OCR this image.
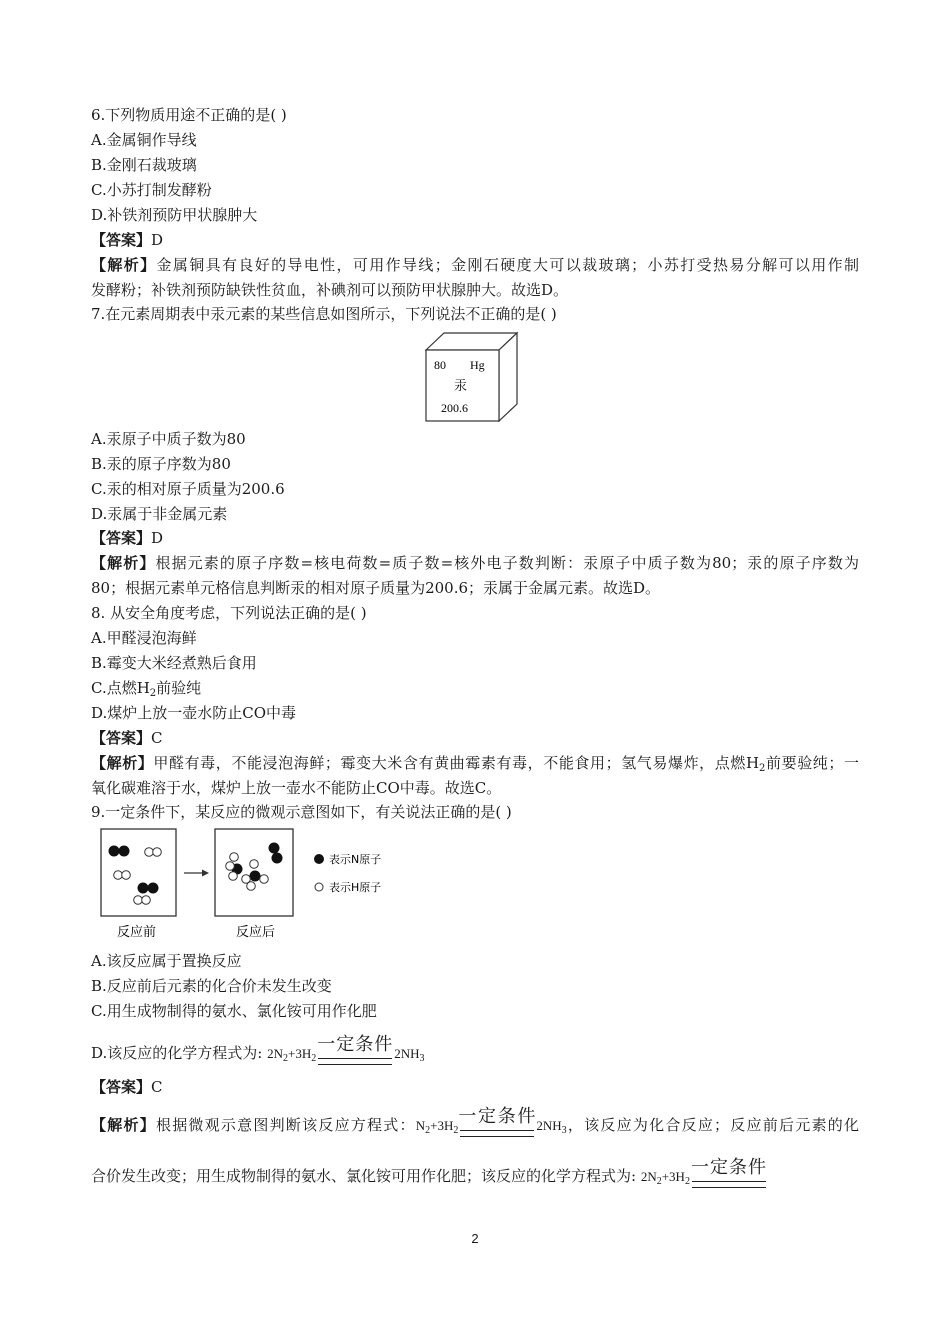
6.下列物质用途不正确的是( )
A.金属铜作导线
B.金刚石裁玻璃
C.小苏打制发酵粉
D.补铁剂预防甲状腺肿大
【答案】D
【解析】金属铜具有良好的导电性，可用作导线；金刚石硬度大可以裁玻璃；小苏打受热易分解可以用作制
发酵粉；补铁剂预防缺铁性贫血，补碘剂可以预防甲状腺肿大。故选D。
7.在元素周期表中汞元素的某些信息如图所示，下列说法不正确的是( )
80 Hg
汞
200.6
A.汞原子中质子数为80
B.汞的原子序数为80
C.汞的相对原子质量为200.6
D.汞属于非金属元素
【答案】D
【解析】根据元素的原子序数=核电荷数=质子数=核外电子数判断：汞原子中质子数为80；汞的原子序数为
80；根据元素单元格信息判断汞的相对原子质量为200.6；汞属于金属元素。故选D。
8. 从安全角度考虑，下列说法正确的是( )
A.甲醛浸泡海鲜
B.霉变大米经煮熟后食用
C.点燃$H_2$前验纯
D.煤炉上放一壶水防止CO中毒
【答案】C
【解析】甲醛有毒，不能浸泡海鲜；霉变大米含有黄曲霉素有毒，不能食用；氢气易爆炸，点燃$H_2$前要验纯；一
氧化碳难溶于水，煤炉上放一壶水不能防止CO中毒。故选C。
9.一定条件下，某反应的微观示意图如下，有关说法正确的是( )
反应前	反应后
表示N原子
表示H原子
A.该反应属于置换反应
B.反应前后元素的化合价未发生改变
C.用生成物制得的氨水、氯化铵可用作化肥
D.该反应的化学方程式为: $2N_2+3H_2$
一定条件 $2NH_3$
【答案】C
【解析】根据微观示意图判断该反应方程式：$N_2+3H_2$
一定条件 $2NH_3$，该反应为化合反应；反应前后元素的化
合价发生改变；用生成物制得的氨水、氯化铵可用作化肥；该反应的化学方程式为: $2N_2+3H_2$
一定条件
2
